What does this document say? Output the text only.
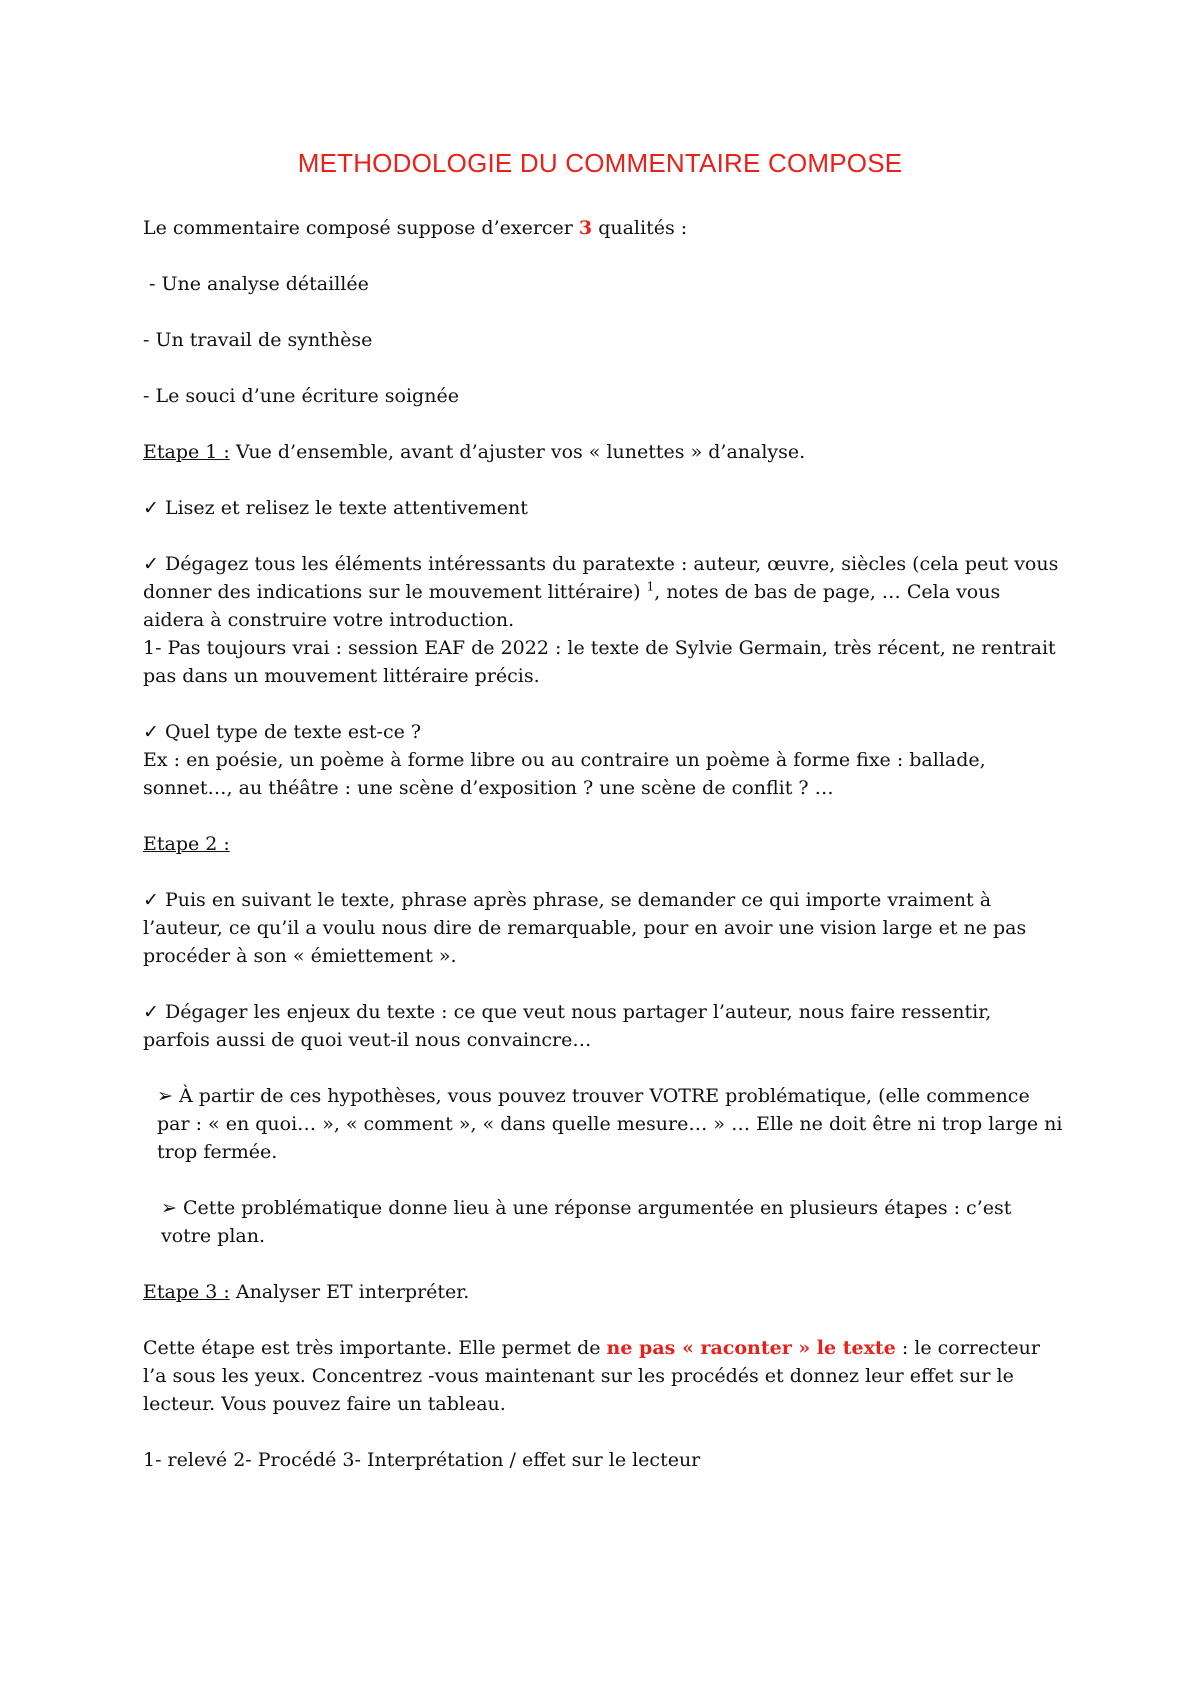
METHODOLOGIE DU COMMENTAIRE COMPOSE

Le commentaire composé suppose d’exercer 3 qualités :

- Une analyse détaillée

- Un travail de synthèse

- Le souci d’une écriture soignée

Etape 1 : Vue d’ensemble, avant d’ajuster vos « lunettes » d’analyse.

✓ Lisez et relisez le texte attentivement

✓ Dégagez tous les éléments intéressants du paratexte : auteur, œuvre, siècles (cela peut vous donner des indications sur le mouvement littéraire) $^1$, notes de bas de page, … Cela vous aidera à construire votre introduction.

1- Pas toujours vrai : session EAF de 2022 : le texte de Sylvie Germain, très récent, ne rentrait pas dans un mouvement littéraire précis.

✓ Quel type de texte est-ce ?

Ex : en poésie, un poème à forme libre ou au contraire un poème à forme fixe : ballade, sonnet…, au théâtre : une scène d’exposition ? une scène de conflit ? …

Etape 2 :

✓ Puis en suivant le texte, phrase après phrase, se demander ce qui importe vraiment à l’auteur, ce qu’il a voulu nous dire de remarquable, pour en avoir une vision large et ne pas procéder à son « émiettement ».

✓ Dégager les enjeux du texte : ce que veut nous partager l’auteur, nous faire ressentir, parfois aussi de quoi veut-il nous convaincre…

➢ À partir de ces hypothèses, vous pouvez trouver VOTRE problématique, (elle commence par : « en quoi… », « comment », « dans quelle mesure… » … Elle ne doit être ni trop large ni trop fermée.

➢ Cette problématique donne lieu à une réponse argumentée en plusieurs étapes : c’est votre plan.

Etape 3 : Analyser ET interpréter.

Cette étape est très importante. Elle permet de ne pas « raconter » le texte : le correcteur l’a sous les yeux. Concentrez -vous maintenant sur les procédés et donnez leur effet sur le lecteur. Vous pouvez faire un tableau.

1- relevé 2- Procédé 3- Interprétation / effet sur le lecteur
